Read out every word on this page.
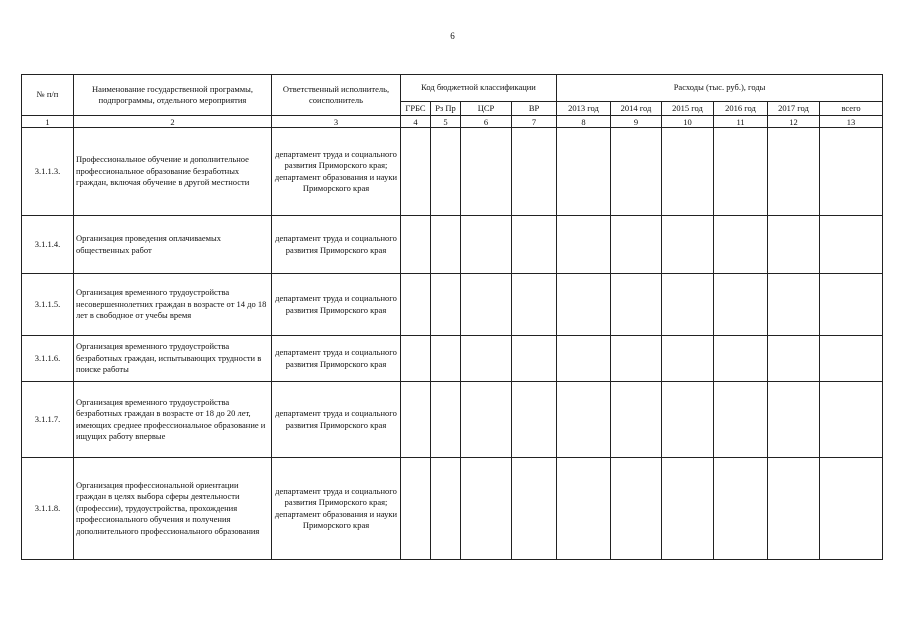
6
№ п/п	Наименование государственной программы, подпрограммы, отдельного мероприятия	Ответственный исполнитель, соисполнитель	Код бюджетной классификации				Расходы (тыс. руб.), годы					
			ГРБС	Рз Пр	ЦСР	ВР	2013 год	2014 год	2015 год	2016 год	2017 год	всего
1	2	3	4	5	6	7	8	9	10	11	12	13
3.1.1.3.	Профессиональное обучение и дополнительное профессиональное образование безработных граждан, включая обучение в другой местности	департамент труда и социального развития Приморского края; департамент образования и науки Приморского края										
3.1.1.4.	Организация проведения оплачиваемых общественных работ	департамент труда и социального развития Приморского края										
3.1.1.5.	Организация временного трудоустройства несовершеннолетних граждан в возрасте от 14 до 18 лет в свободное от учебы время	департамент труда и социального развития Приморского края										
3.1.1.6.	Организация временного трудоустройства безработных граждан, испытывающих трудности в поиске работы	департамент труда и социального развития Приморского края										
3.1.1.7.	Организация временного трудоустройства безработных граждан в возрасте от 18 до 20 лет, имеющих среднее профессиональное образование и ищущих работу впервые	департамент труда и социального развития Приморского края										
3.1.1.8.	Организация профессиональной ориентации граждан в целях выбора сферы деятельности (профессии), трудоустройства, прохождения профессионального обучения и получения дополнительного профессионального образования	департамент труда и социального развития Приморского края; департамент образования и науки Приморского края										
